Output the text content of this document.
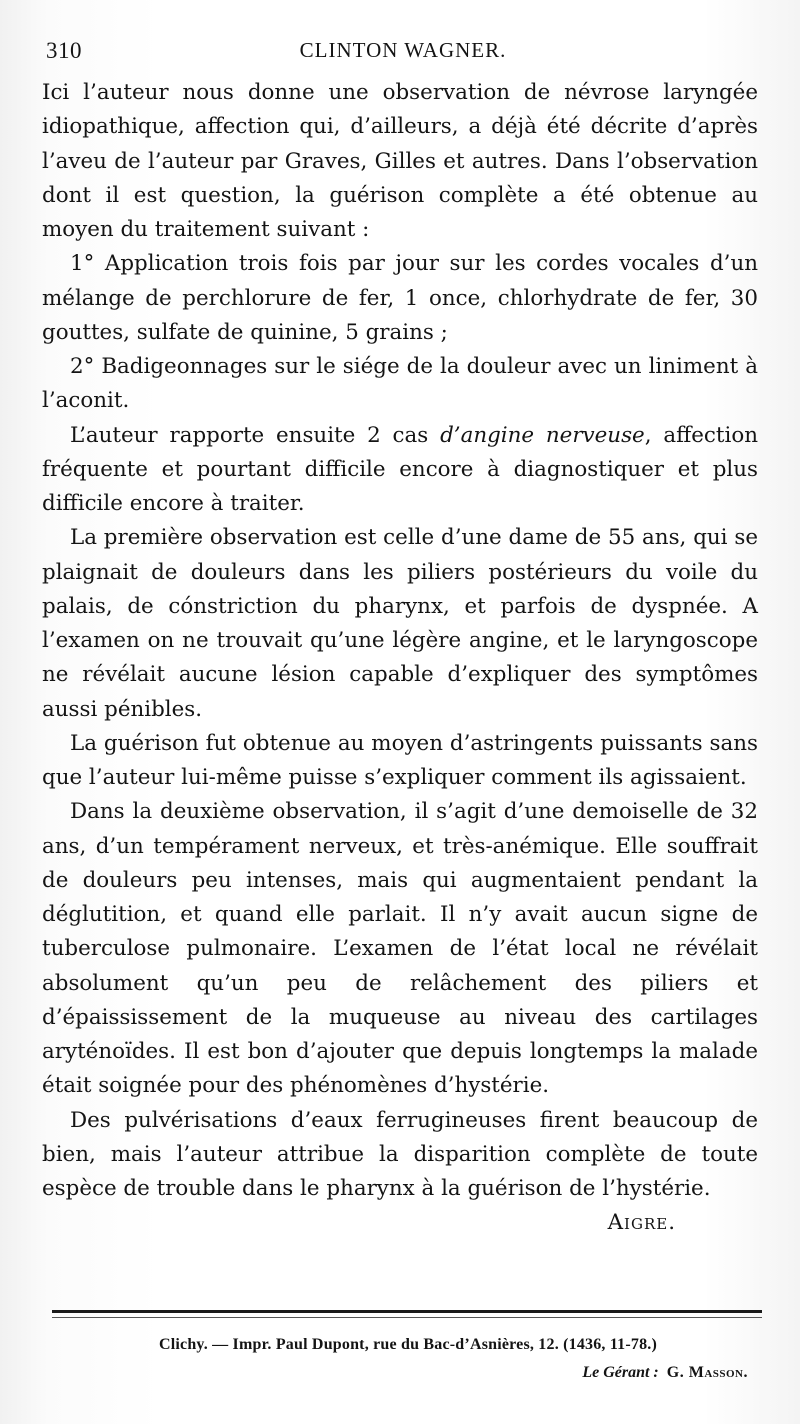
310	CLINTON WAGNER.

Ici l’auteur nous donne une observation de névrose laryngée idiopathique, affection qui, d’ailleurs, a déjà été décrite d’après l’aveu de l’auteur par Graves, Gilles et autres. Dans l’observation dont il est question, la guérison complète a été obtenue au moyen du traitement suivant :

1° Application trois fois par jour sur les cordes vocales d’un mélange de perchlorure de fer, 1 once, chlorhydrate de fer, 30 gouttes, sulfate de quinine, 5 grains ;

2° Badigeonnages sur le siége de la douleur avec un liniment à l’aconit.

L’auteur rapporte ensuite 2 cas d’angine nerveuse, affection fréquente et pourtant difficile encore à diagnostiquer et plus difficile encore à traiter.

La première observation est celle d’une dame de 55 ans, qui se plaignait de douleurs dans les piliers postérieurs du voile du palais, de cónstriction du pharynx, et parfois de dyspnée. A l’examen on ne trouvait qu’une légère angine, et le laryngoscope ne révélait aucune lésion capable d’expliquer des symptômes aussi pénibles.

La guérison fut obtenue au moyen d’astringents puissants sans que l’auteur lui-même puisse s’expliquer comment ils agissaient.

Dans la deuxième observation, il s’agit d’une demoiselle de 32 ans, d’un tempérament nerveux, et très-anémique. Elle souffrait de douleurs peu intenses, mais qui augmentaient pendant la déglutition, et quand elle parlait. Il n’y avait aucun signe de tuberculose pulmonaire. L’examen de l’état local ne révélait absolument qu’un peu de relâchement des piliers et d’épaississement de la muqueuse au niveau des cartilages aryténoïdes. Il est bon d’ajouter que depuis longtemps la malade était soignée pour des phénomènes d’hystérie.

Des pulvérisations d’eaux ferrugineuses firent beaucoup de bien, mais l’auteur attribue la disparition complète de toute espèce de trouble dans le pharynx à la guérison de l’hystérie.

Aigre.

Clichy. — Impr. Paul Dupont, rue du Bac-d’Asnières, 12. (1436, 11-78.)
Le Gérant : G. Masson.
